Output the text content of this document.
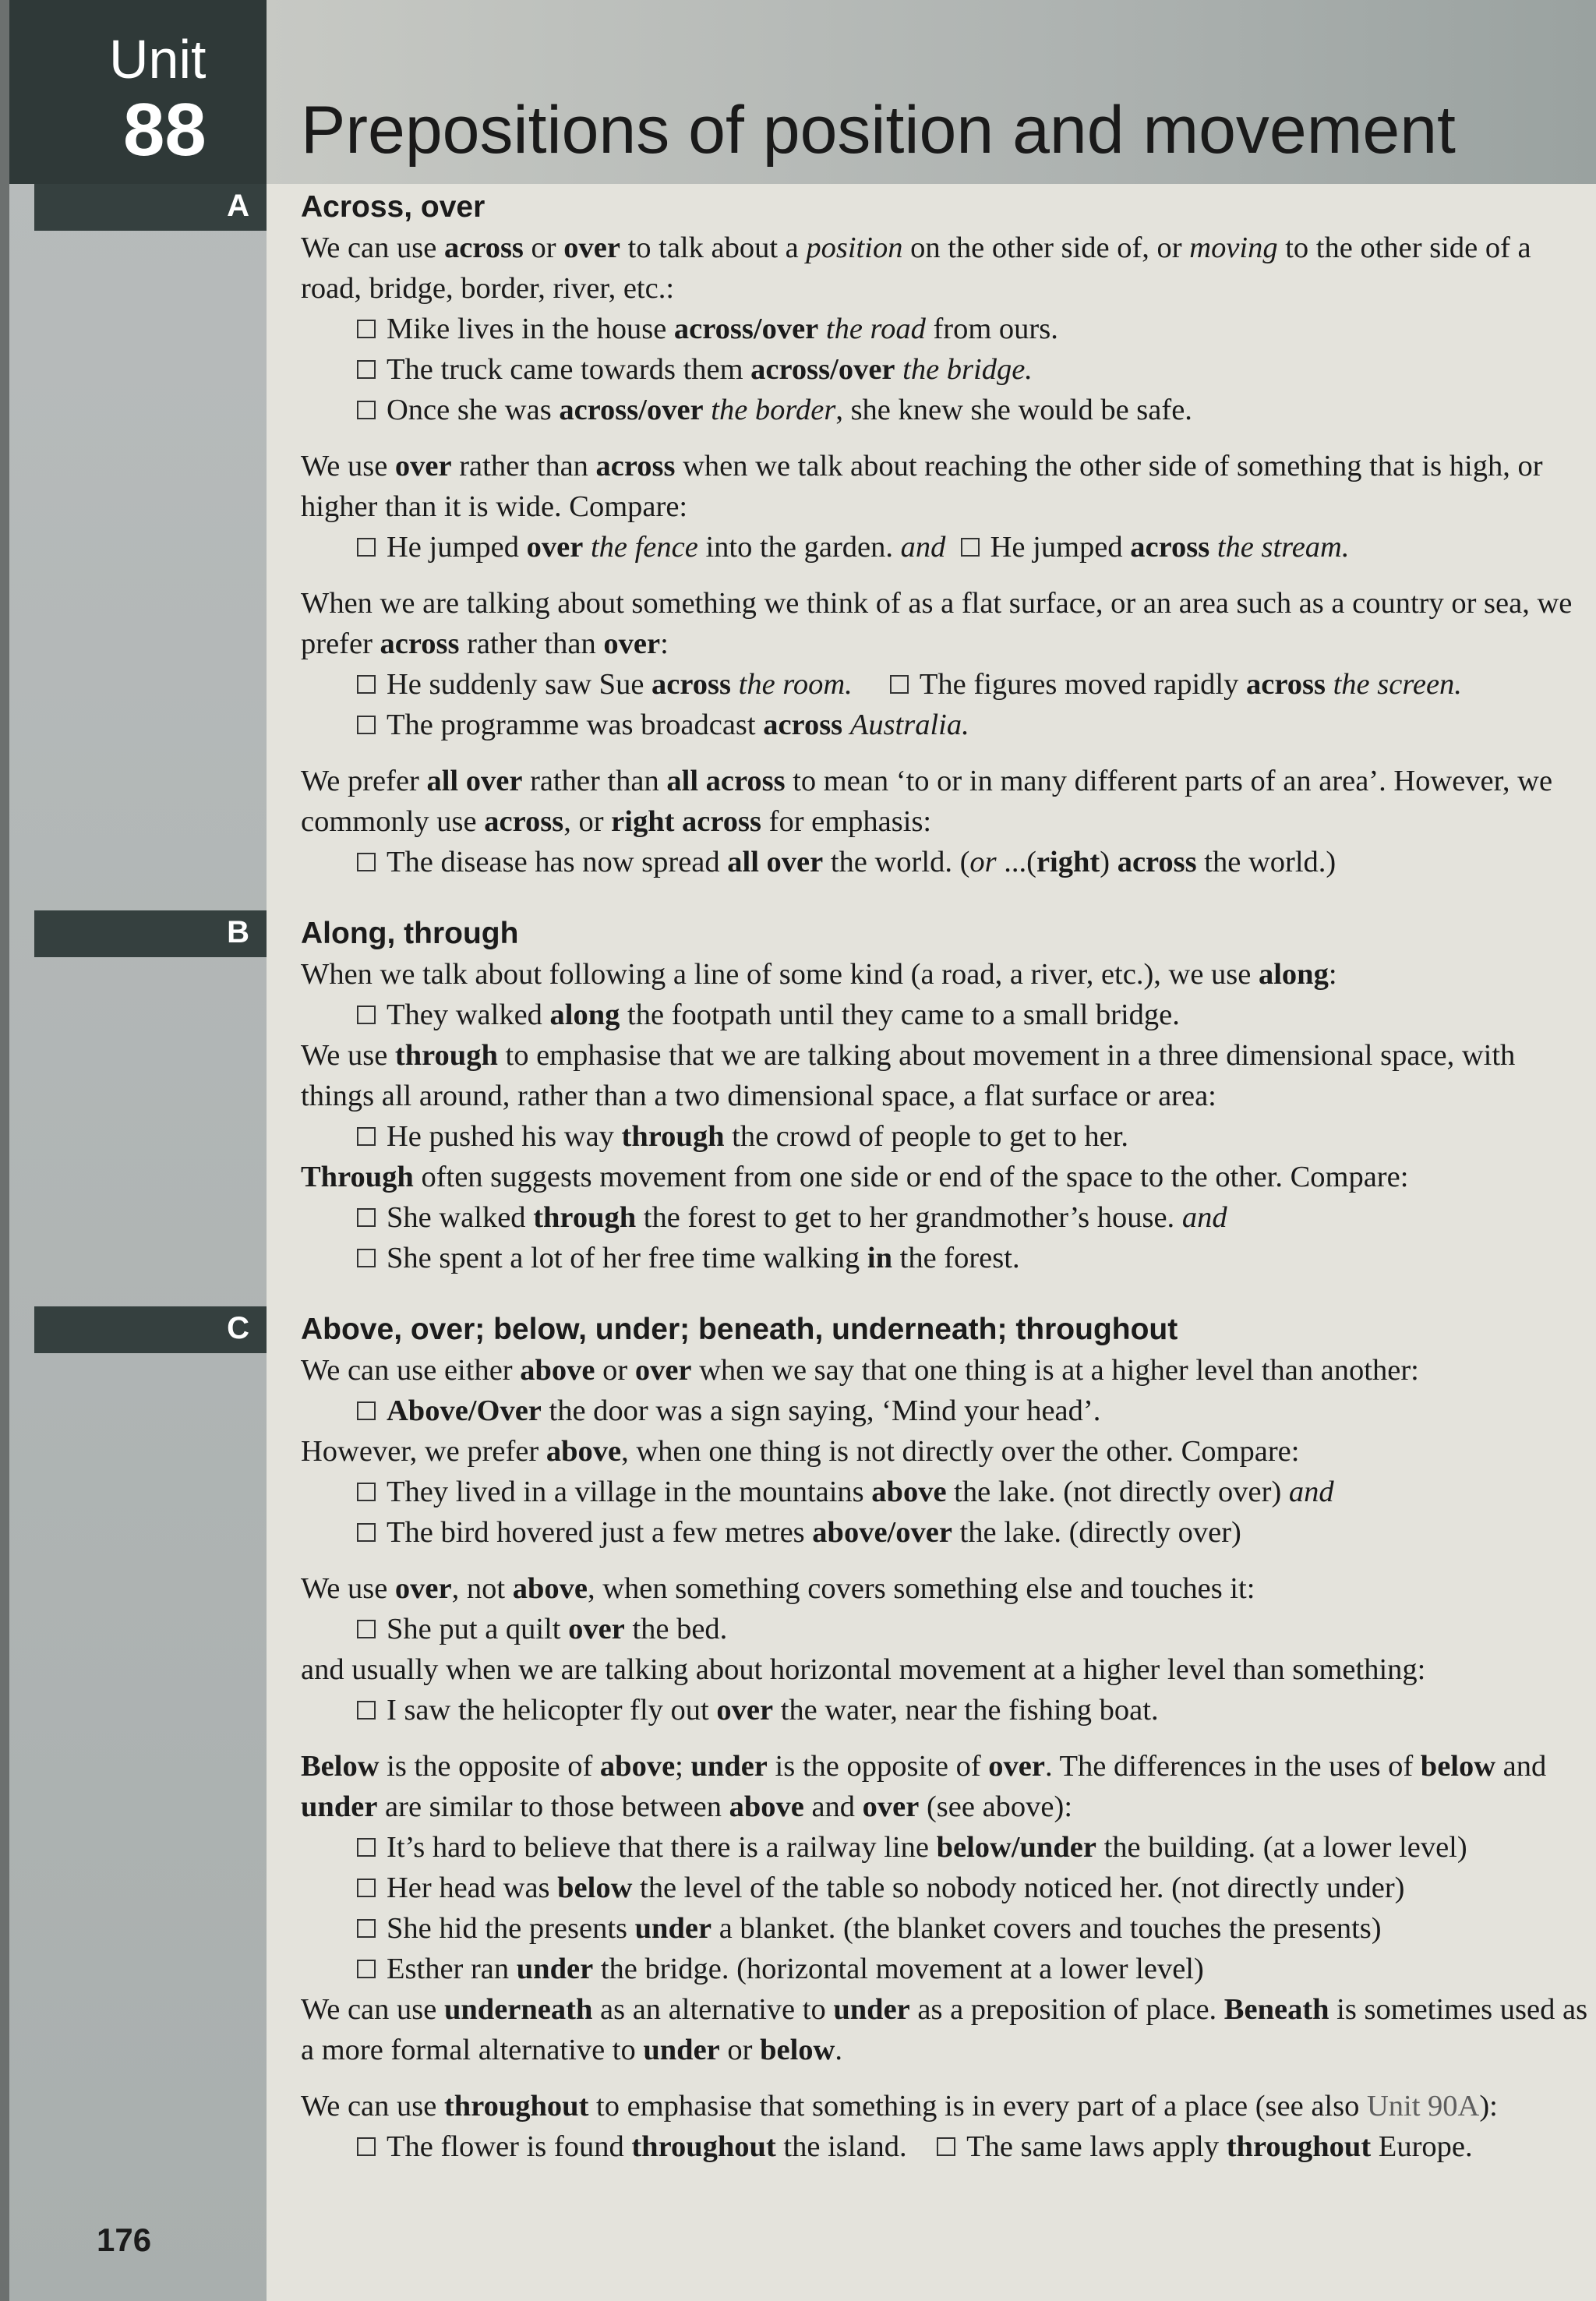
Unit
88 Prepositions of position and movement
A
B
C
Across, over
We can use across or over to talk about a position on the other side of, or moving to the other side of a road, bridge, border, river, etc.:
Mike lives in the house across/over the road from ours.
The truck came towards them across/over the bridge.
Once she was across/over the border, she knew she would be safe.
We use over rather than across when we talk about reaching the other side of something that is high, or higher than it is wide. Compare:
He jumped over the fence into the garden. and He jumped across the stream.
When we are talking about something we think of as a flat surface, or an area such as a country or sea, we prefer across rather than over:
He suddenly saw Sue across the room. The figures moved rapidly across the screen.
The programme was broadcast across Australia.
We prefer all over rather than all across to mean ‘to or in many different parts of an area’. However, we commonly use across, or right across for emphasis:
The disease has now spread all over the world. (or ...(right) across the world.)
Along, through
When we talk about following a line of some kind (a road, a river, etc.), we use along:
They walked along the footpath until they came to a small bridge.
We use through to emphasise that we are talking about movement in a three dimensional space, with things all around, rather than a two dimensional space, a flat surface or area:
He pushed his way through the crowd of people to get to her.
Through often suggests movement from one side or end of the space to the other. Compare:
She walked through the forest to get to her grandmother’s house. and
She spent a lot of her free time walking in the forest.
Above, over; below, under; beneath, underneath; throughout
We can use either above or over when we say that one thing is at a higher level than another:
Above/Over the door was a sign saying, ‘Mind your head’.
However, we prefer above, when one thing is not directly over the other. Compare:
They lived in a village in the mountains above the lake. (not directly over) and
The bird hovered just a few metres above/over the lake. (directly over)
We use over, not above, when something covers something else and touches it:
She put a quilt over the bed.
and usually when we are talking about horizontal movement at a higher level than something:
I saw the helicopter fly out over the water, near the fishing boat.
Below is the opposite of above; under is the opposite of over. The differences in the uses of below and under are similar to those between above and over (see above):
It’s hard to believe that there is a railway line below/under the building. (at a lower level)
Her head was below the level of the table so nobody noticed her. (not directly under)
She hid the presents under a blanket. (the blanket covers and touches the presents)
Esther ran under the bridge. (horizontal movement at a lower level)
We can use underneath as an alternative to under as a preposition of place. Beneath is sometimes used as a more formal alternative to under or below.
We can use throughout to emphasise that something is in every part of a place (see also Unit 90A):
The flower is found throughout the island.    The same laws apply throughout Europe.
176
